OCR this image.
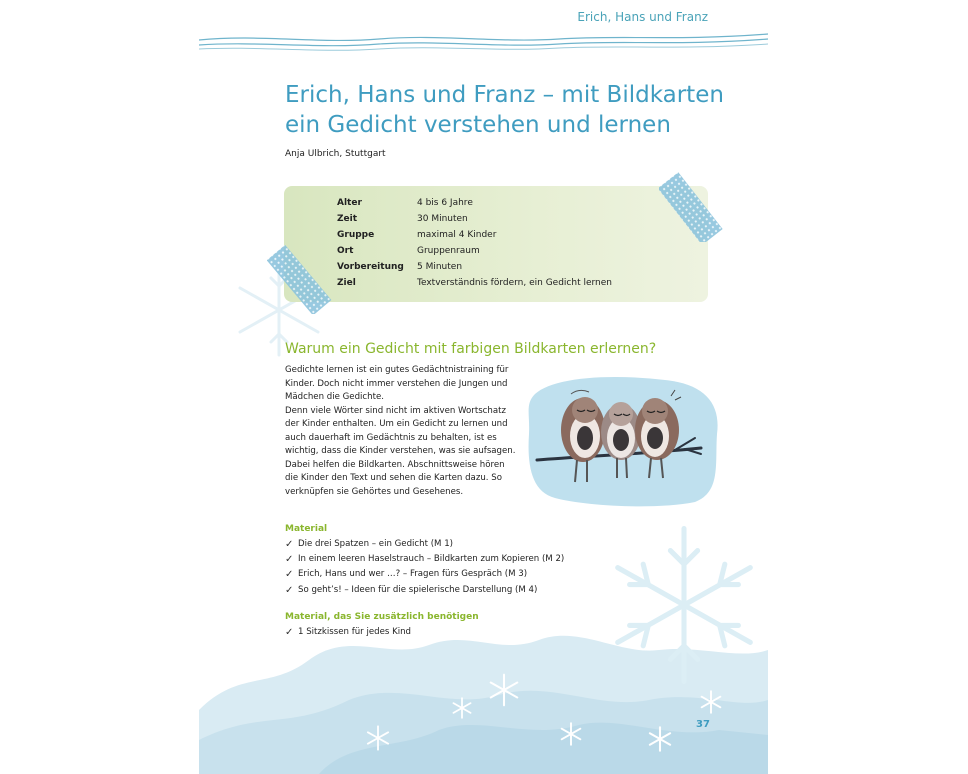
Erich, Hans und Franz
Erich, Hans und Franz – mit Bildkarten
ein Gedicht verstehen und lernen
Anja Ulbrich, Stuttgart
Alter	4 bis 6 Jahre
Zeit	30 Minuten
Gruppe	maximal 4 Kinder
Ort	Gruppenraum
Vorbereitung	5 Minuten
Ziel	Textverständnis fördern, ein Gedicht lernen
Warum ein Gedicht mit farbigen Bildkarten erlernen?

Gedichte lernen ist ein gutes Gedächtnistraining für
Kinder. Doch nicht immer verstehen die Jungen und
Mädchen die Gedichte.

Denn viele Wörter sind nicht im aktiven Wortschatz
der Kinder enthalten. Um ein Gedicht zu lernen und
auch dauerhaft im Gedächtnis zu behalten, ist es
wichtig, dass die Kinder verstehen, was sie aufsagen.
Dabei helfen die Bildkarten. Abschnittsweise hören
die Kinder den Text und sehen die Karten dazu. So
verknüpfen sie Gehörtes und Gesehenes.

Material
✓ Die drei Spatzen – ein Gedicht (M 1)
✓ In einem leeren Haselstrauch – Bildkarten zum Kopieren (M 2)
✓ Erich, Hans und wer …? – Fragen fürs Gespräch (M 3)
✓ So geht’s! – Ideen für die spielerische Darstellung (M 4)
Material, das Sie zusätzlich benötigen
✓ 1 Sitzkissen für jedes Kind
37
